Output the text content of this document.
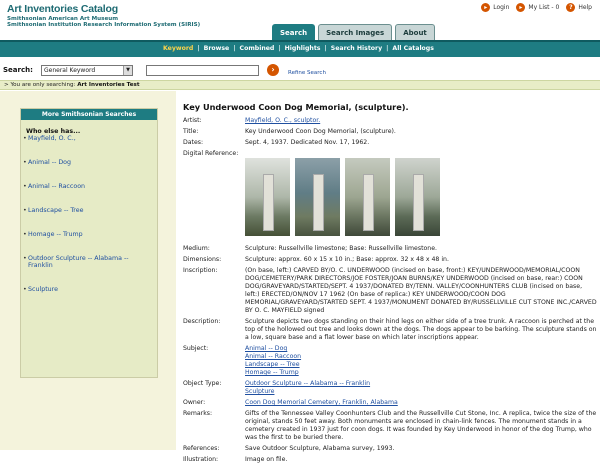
Art Inventories Catalog
Smithsonian American Art Museum
Smithsonian Institution Research Information System (SIRIS)
▸	Login	▸	My List - 0	? Help
Search	Search Images	About
Keyword | Browse | Combined | Highlights | Search History | All Catalogs
Search:	General Keyword	▼	›	Refine Search
> You are only searching: Art Inventories Test
More Smithsonian Searches
Who else has...
• Mayfield, O. C.,
• Animal -- Dog
• Animal -- Raccoon
• Landscape -- Tree
• Homage -- Trump
• Outdoor Sculpture -- Alabama -- Franklin
• Sculpture
Key Underwood Coon Dog Memorial, (sculpture).
Artist:	Mayfield, O. C., sculptor.
Title:	Key Underwood Coon Dog Memorial, (sculpture).
Dates:	Sept. 4, 1937. Dedicated Nov. 17, 1962.
Digital Reference:
Medium:	Sculpture: Russellville limestone; Base: Russellville limestone.
Dimensions:	Sculpture: approx. 60 x 15 x 10 in.; Base: approx. 32 x 48 x 48 in.
Inscription:	(On base, left:) CARVED BY/O. C. UNDERWOOD (incised on base, front:) KEY/UNDERWOOD/MEMORIAL/COON DOG/CEMETERY/PARK DIRECTORS/JOE FOSTER/JOAN BURNS/KEY UNDERWOOD (incised on base, rear:) COON DOG/GRAVEYARD/STARTED/SEPT. 4 1937/DONATED BY/TENN. VALLEY/COONHUNTERS CLUB (incised on base, left:) ERECTED/ON/NOV 17 1962 (On base of replica:) KEY UNDERWOOD/COON DOG MEMORIAL/GRAVEYARD/STARTED SEPT. 4 1937/MONUMENT DONATED BY/RUSSELLVILLE CUT STONE INC./CARVED BY O. C. MAYFIELD signed
Description:	Sculpture depicts two dogs standing on their hind legs on either side of a tree trunk. A raccoon is perched at the top of the hollowed out tree and looks down at the dogs. The dogs appear to be barking. The sculpture stands on a low, square base and a flat lower base on which later inscriptions appear.
Subject:	Animal -- Dog
Animal -- Raccoon
Landscape -- Tree
Homage -- Trump
Object Type:	Outdoor Sculpture -- Alabama -- Franklin
Sculpture
Owner:	Coon Dog Memorial Cemetery, Franklin, Alabama
Remarks:	Gifts of the Tennessee Valley Coonhunters Club and the Russellville Cut Stone, Inc. A replica, twice the size of the original, stands 50 feet away. Both monuments are enclosed in chain-link fences. The monument stands in a cemetery created in 1937 just for coon dogs. It was founded by Key Underwood in honor of the dog Trump, who was the first to be buried there.
References:	Save Outdoor Sculpture, Alabama survey, 1993.
Illustration:	Image on file.
